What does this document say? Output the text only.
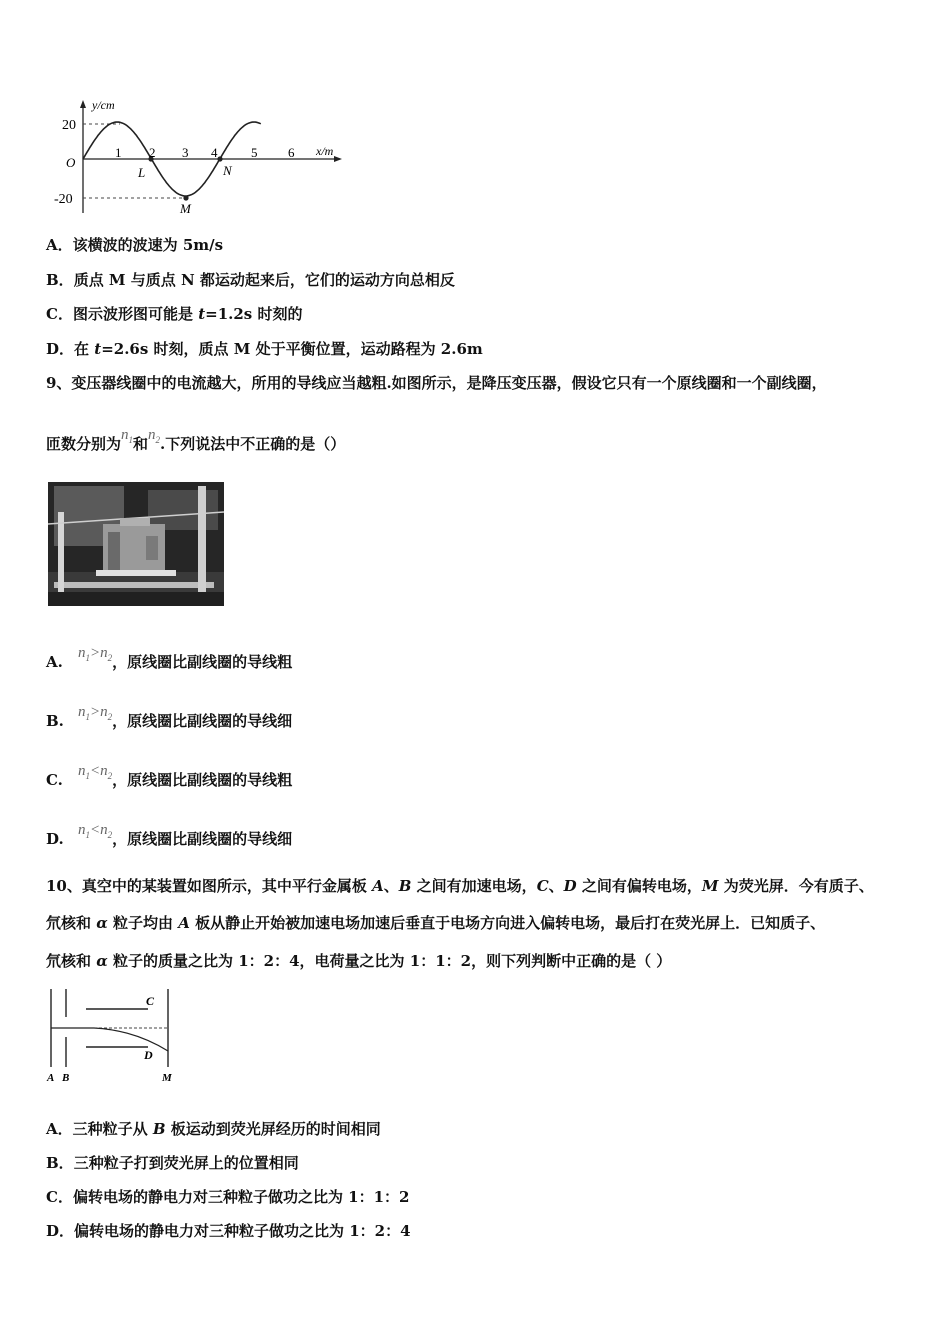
y/cm
x/m
20
-20
O
1 2 3 4	5 6
L
M
N
A．该横波的波速为 5m/s
B．质点 M 与质点 N 都运动起来后，它们的运动方向总相反
C．图示波形图可能是 t=1.2s 时刻的
D．在 t=2.6s 时刻，质点 M 处于平衡位置，运动路程为 2.6m
9、变压器线圈中的电流越大，所用的导线应当越粗.如图所示，是降压变压器，假设它只有一个原线圈和一个副线圈，
匝数分别为$n_1$和$n_2$.下列说法中不正确的是（）
A. $n_1>n_2$，原线圈比副线圈的导线粗
B. $n_1>n_2$，原线圈比副线圈的导线细
C. $n_1<n_2$，原线圈比副线圈的导线粗
D. $n_1<n_2$，原线圈比副线圈的导线细
10、真空中的某装置如图所示，其中平行金属板 A、B 之间有加速电场，C、D 之间有偏转电场，M 为荧光屏．今有质子、
氘核和 α 粒子均由 A 板从静止开始被加速电场加速后垂直于电场方向进入偏转电场，最后打在荧光屏上．已知质子、
氘核和 α 粒子的质量之比为 1：2：4，电荷量之比为 1：1：2，则下列判断中正确的是（ ）
A B
C
D
M
A．三种粒子从 B 板运动到荧光屏经历的时间相同
B．三种粒子打到荧光屏上的位置相同
C．偏转电场的静电力对三种粒子做功之比为 1：1：2
D．偏转电场的静电力对三种粒子做功之比为 1：2：4
